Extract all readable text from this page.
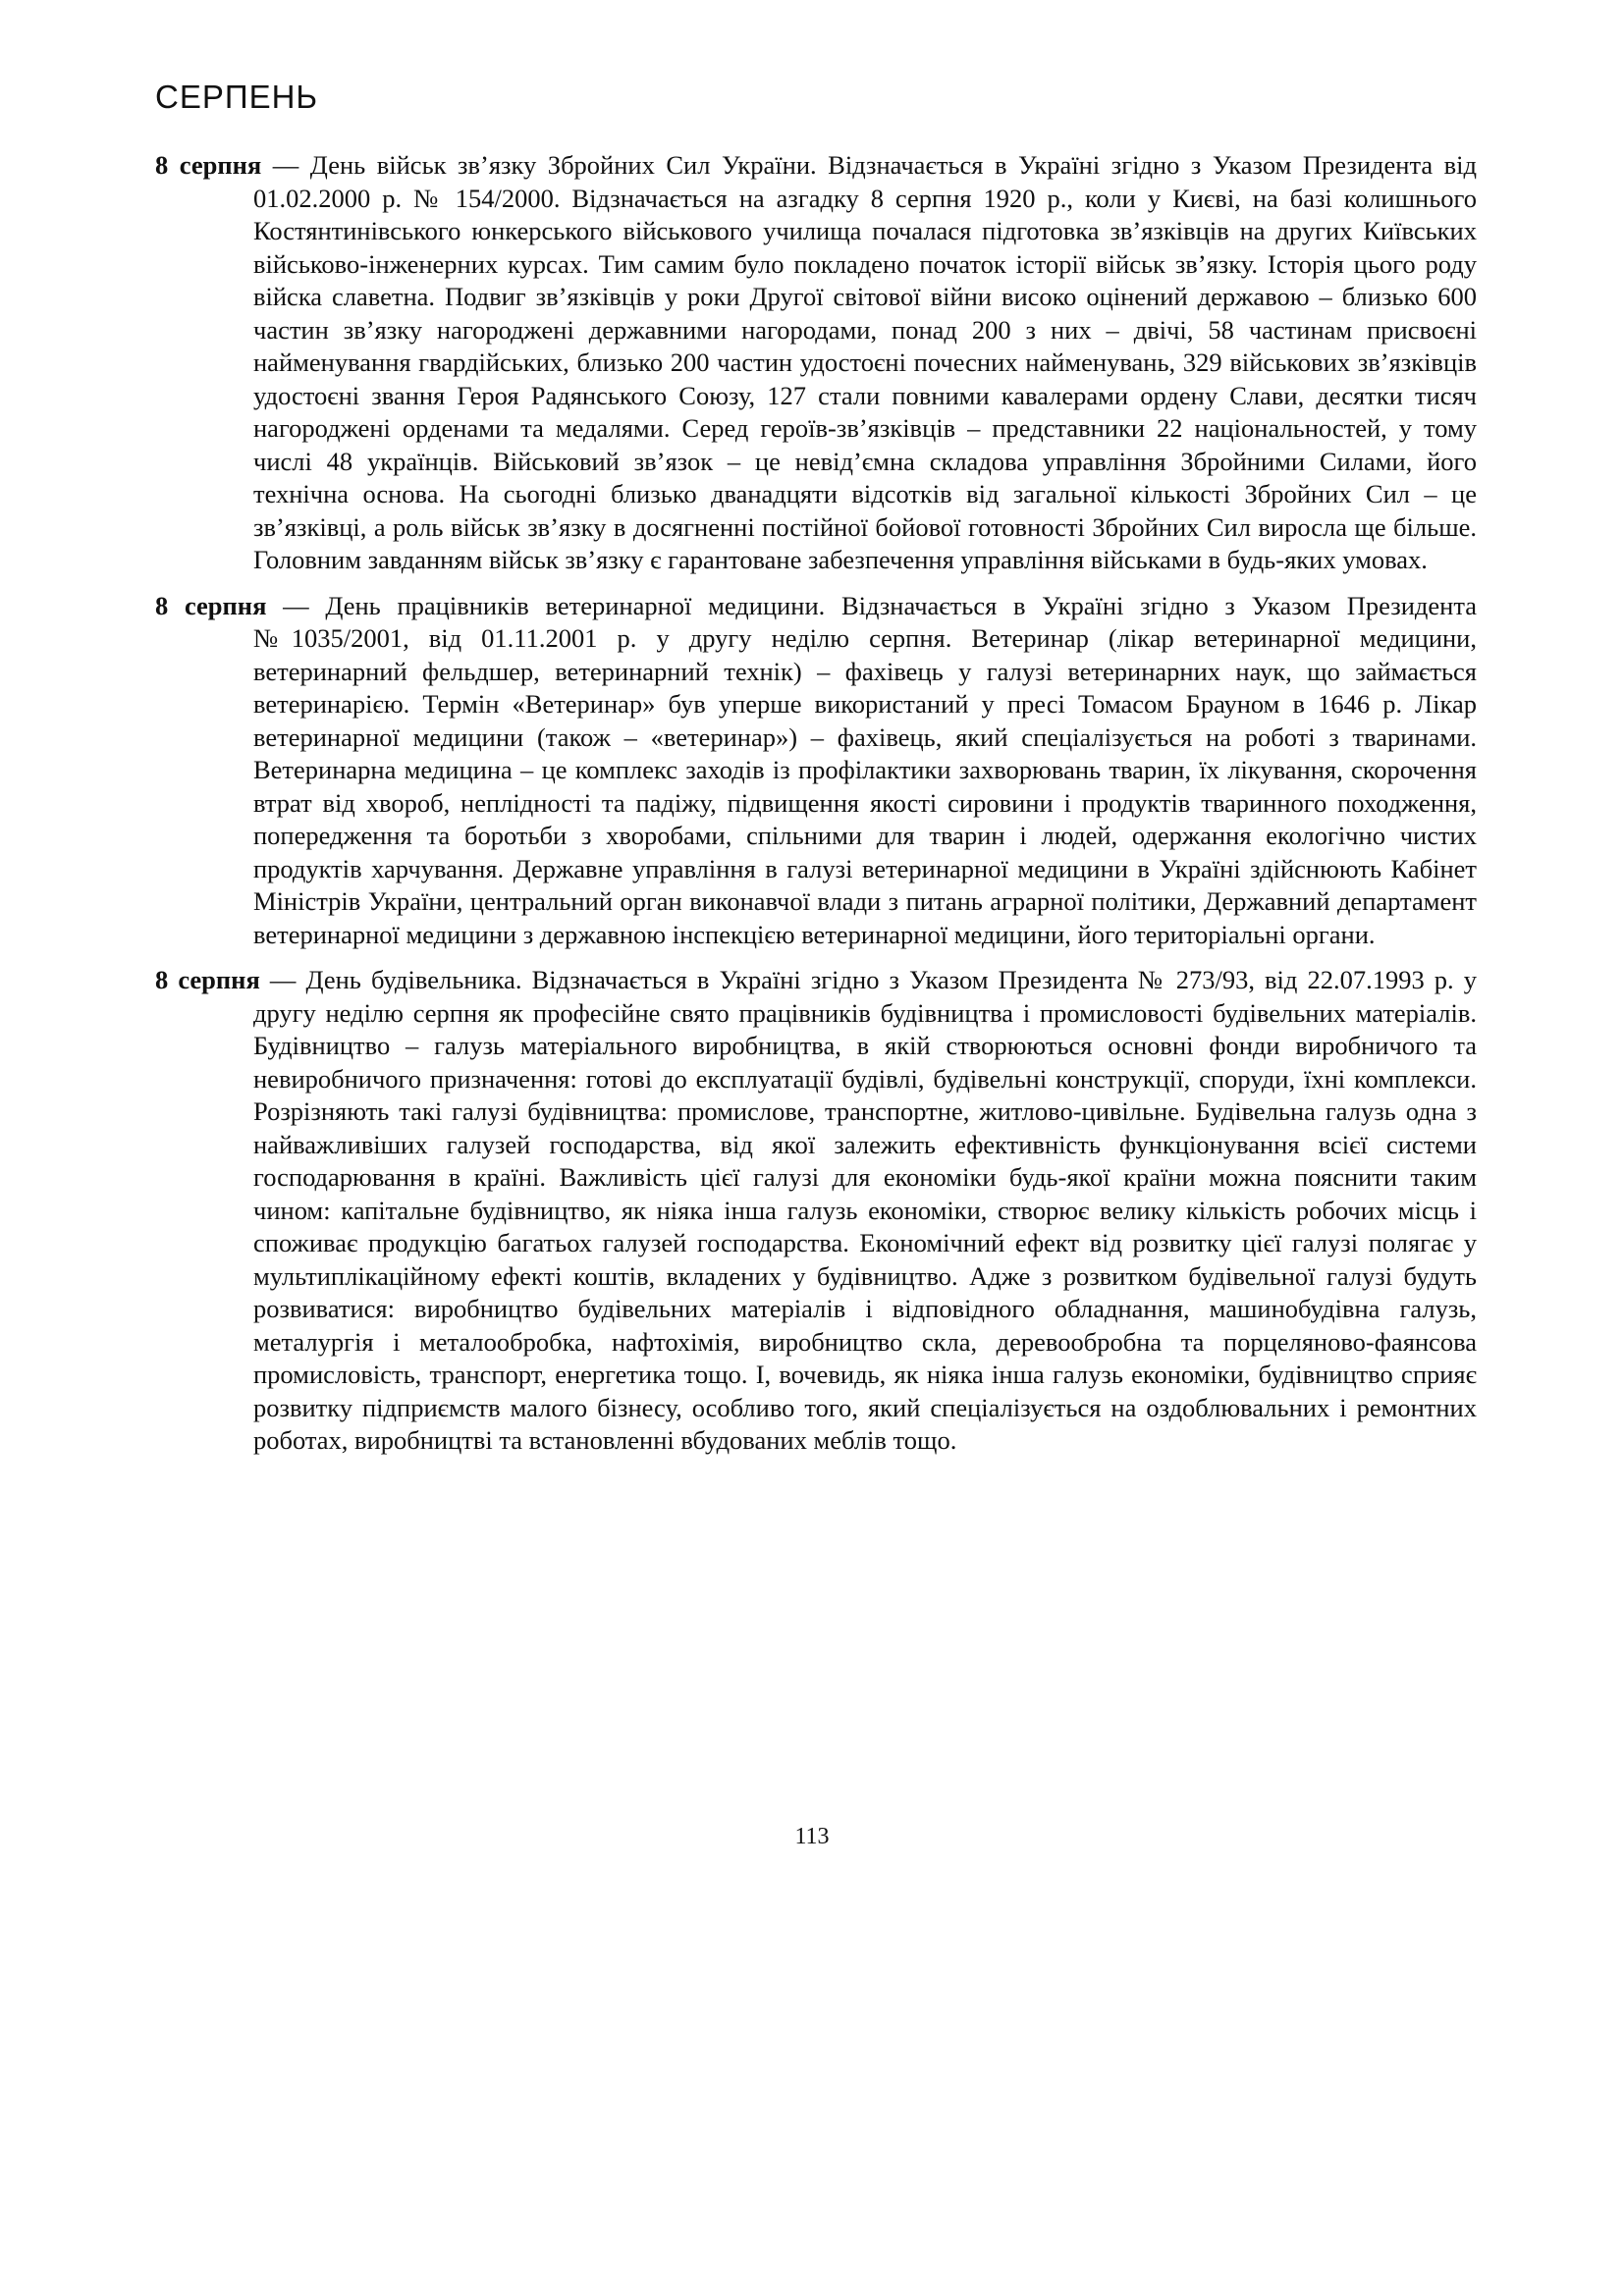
СЕРПЕНЬ

8 серпня — День військ зв’язку Збройних Сил України. Відзначається в Україні згідно з Указом Президента від 01.02.2000 р. № 154/2000. Відзначається на азгадку 8 серпня 1920 р., коли у Києві, на базі колишнього Костянтинівського юнкерського військового училища почалася підготовка зв’язківців на других Київських військово-інженерних курсах. Тим самим було покладено початок історії військ зв’язку. Історія цього роду війска славетна. Подвиг зв’язківців у роки Другої світової війни високо оцінений державою – близько 600 частин зв’язку нагороджені державними нагородами, понад 200 з них – двічі, 58 частинам присвоєні найменування гвардійських, близько 200 частин удостоєні почесних найменувань, 329 військових зв’язківців удостоєні звання Героя Радянського Союзу, 127 стали повними кавалерами ордену Слави, десятки тисяч нагороджені орденами та медалями. Серед героїв-зв’язківців – представники 22 національностей, у тому числі 48 українців. Військовий зв’язок – це невід’ємна складова управління Збройними Силами, його технічна основа. На сьогодні близько дванадцяти відсотків від загальної кількості Збройних Сил – це зв’язківці, а роль військ зв’язку в досягненні постійної бойової готовності Збройних Сил виросла ще більше. Головним завданням військ зв’язку є гарантоване забезпечення управління військами в будь-яких умовах.

8 серпня — День працівників ветеринарної медицини. Відзначається в Україні згідно з Указом Президента №1035/2001, від 01.11.2001 р. у другу неділю серпня. Ветеринар (лікар ветеринарної медицини, ветеринарний фельдшер, ветеринарний технік) – фахівець у галузі ветеринарних наук, що займається ветеринарією. Термін «Ветеринар» був уперше використаний у пресі Томасом Брауном в 1646 р. Лікар ветеринарної медицини (також – «ветеринар») – фахівець, який спеціалізується на роботі з тваринами. Ветеринарна медицина – це комплекс заходів із профілактики захворювань тварин, їх лікування, скорочення втрат від хвороб, неплідності та падіжу, підвищення якості сировини і продуктів тваринного походження, попередження та боротьби з хворобами, спільними для тварин і людей, одержання екологічно чистих продуктів харчування. Державне управління в галузі ветеринарної медицини в Україні здійснюють Кабінет Міністрів України, центральний орган виконавчої влади з питань аграрної політики, Державний департамент ветеринарної медицини з державною інспекцією ветеринарної медицини, його територіальні органи.

8 серпня — День будівельника. Відзначається в Україні згідно з Указом Президента № 273/93, від 22.07.1993 р. у другу неділю серпня як професійне свято працівників будівництва і промисловості будівельних матеріалів. Будівництво – галузь матеріального виробництва, в якій створюються основні фонди виробничого та невиробничого призначення: готові до експлуатації будівлі, будівельні конструкції, споруди, їхні комплекси. Розрізняють такі галузі будівництва: промислове, транспортне, житлово-цивільне. Будівельна галузь одна з найважливіших галузей господарства, від якої залежить ефективність функціонування всієї системи господарювання в країні. Важливість цієї галузі для економіки будь-якої країни можна пояснити таким чином: капітальне будівництво, як ніяка інша галузь економіки, створює велику кількість робочих місць і споживає продукцію багатьох галузей господарства. Економічний ефект від розвитку цієї галузі полягає у мультиплікаційному ефекті коштів, вкладених у будівництво. Адже з розвитком будівельної галузі будуть розвиватися: виробництво будівельних матеріалів і відповідного обладнання, машинобудівна галузь, металургія і металообробка, нафтохімія, виробництво скла, деревообробна та порцеляново-фаянсова промисловість, транспорт, енергетика тощо. І, вочевидь, як ніяка інша галузь економіки, будівництво сприяє розвитку підприємств малого бізнесу, особливо того, який спеціалізується на оздоблювальних і ремонтних роботах, виробництві та встановленні вбудованих меблів тощо.

113
